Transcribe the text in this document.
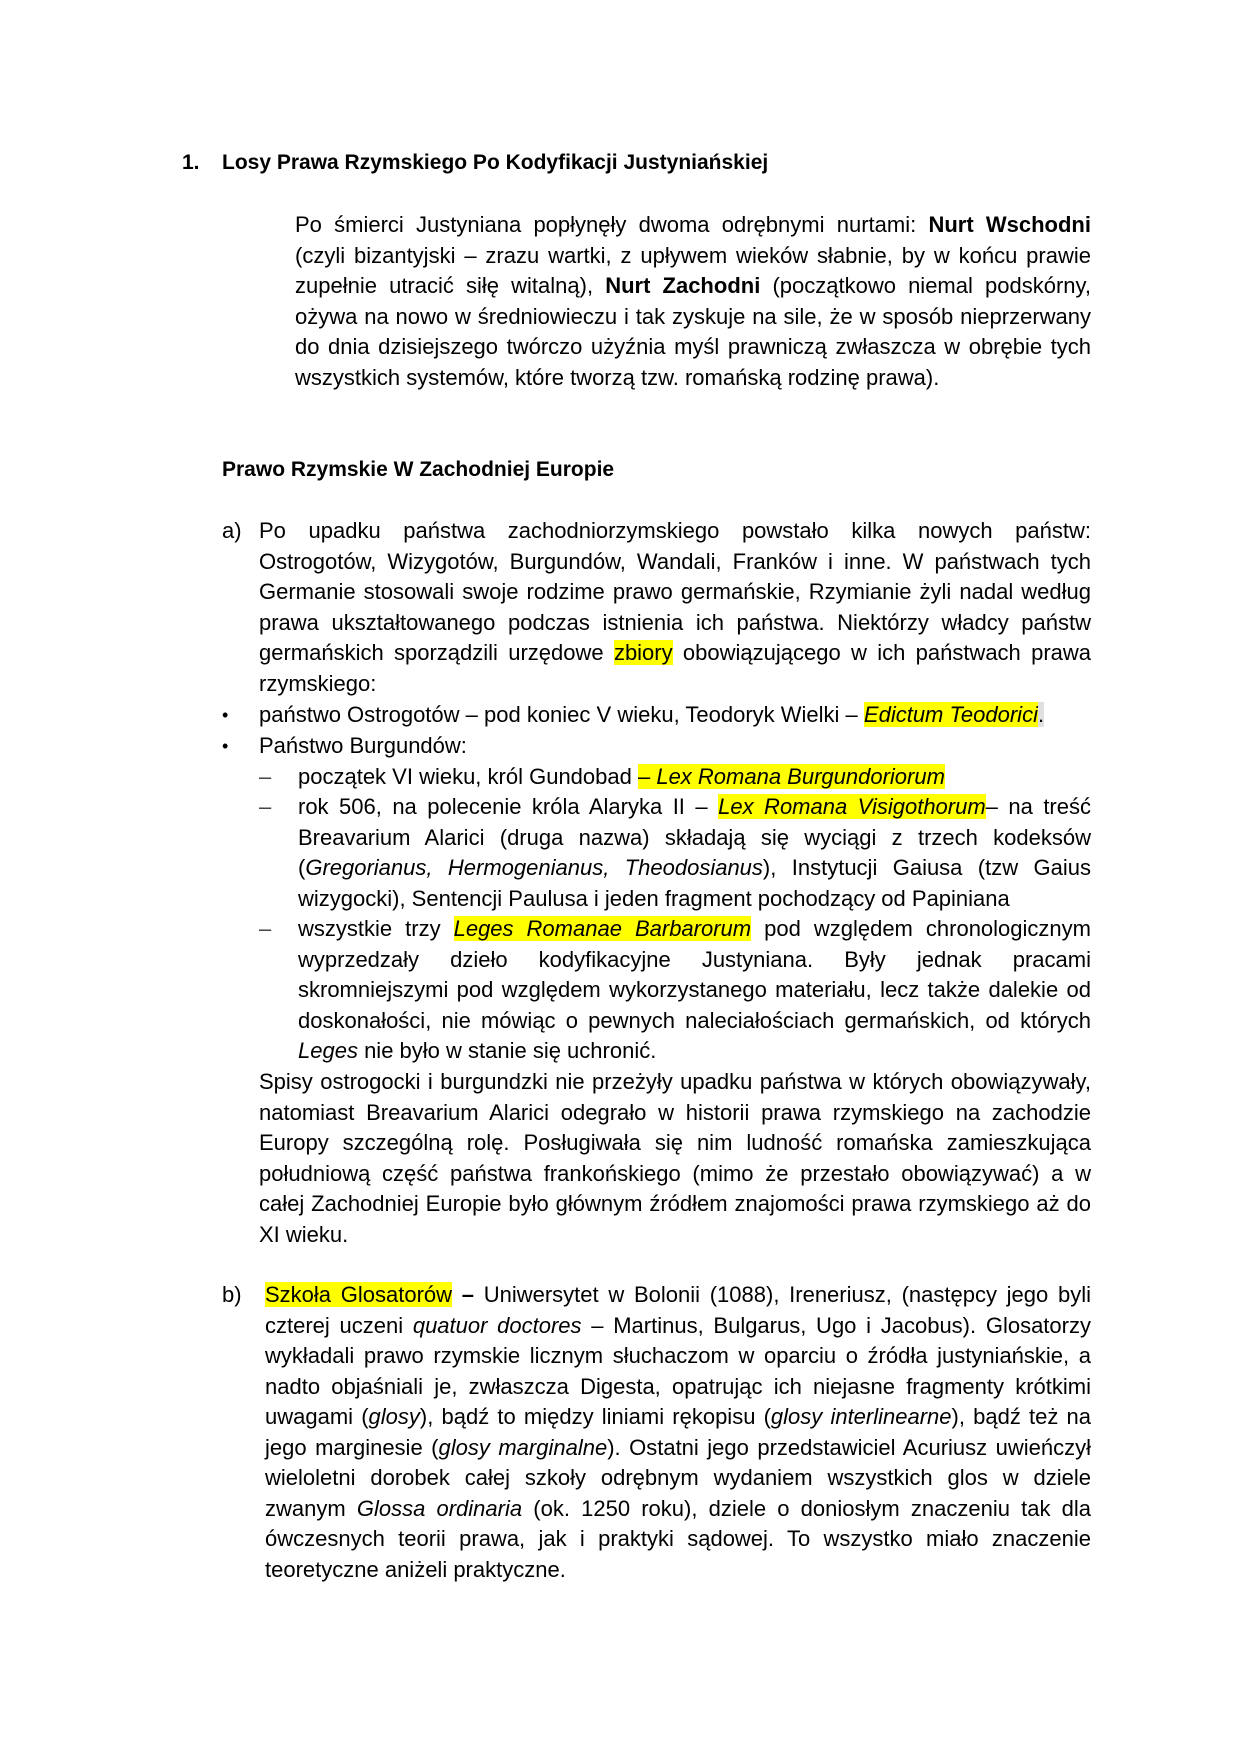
1. Losy Prawa Rzymskiego Po Kodyfikacji Justyniańskiej
Po śmierci Justyniana popłynęły dwoma odrębnymi nurtami: Nurt Wschodni (czyli bizantyjski – zrazu wartki, z upływem wieków słabnie, by w końcu prawie zupełnie utracić siłę witalną), Nurt Zachodni (początkowo niemal podskórny, ożywa na nowo w średniowieczu i tak zyskuje na sile, że w sposób nieprzerwany do dnia dzisiejszego twórczo użyźnia myśl prawniczą zwłaszcza w obrębie tych wszystkich systemów, które tworzą tzw. romańską rodzinę prawa).
Prawo Rzymskie W Zachodniej Europie
a) Po upadku państwa zachodniorzymskiego powstało kilka nowych państw: Ostrogotów, Wizygotów, Burgundów, Wandali, Franków i inne. W państwach tych Germanie stosowali swoje rodzime prawo germańskie, Rzymianie żyli nadal według prawa ukształtowanego podczas istnienia ich państwa. Niektórzy władcy państw germańskich sporządzili urzędowe zbiory obowiązującego w ich państwach prawa rzymskiego:
• państwo Ostrogotów – pod koniec V wieku, Teodoryk Wielki – Edictum Teodorici.
• Państwo Burgundów:
– początek VI wieku, król Gundobad – Lex Romana Burgundoriorum
– rok 506, na polecenie króla Alaryka II – Lex Romana Visigothorum– na treść Breavarium Alarici (druga nazwa) składają się wyciągi z trzech kodeksów (Gregorianus, Hermogenianus, Theodosianus), Instytucji Gaiusa (tzw Gaius wizygocki), Sentencji Paulusa i jeden fragment pochodzący od Papiniana
– wszystkie trzy Leges Romanae Barbarorum pod względem chronologicznym wyprzedzały dzieło kodyfikacyjne Justyniana. Były jednak pracami skromniejszymi pod względem wykorzystanego materiału, lecz także dalekie od doskonałości, nie mówiąc o pewnych naleciałościach germańskich, od których Leges nie było w stanie się uchronić.
Spisy ostrogocki i burgundzki nie przeżyły upadku państwa w których obowiązywały, natomiast Breavarium Alarici odegrało w historii prawa rzymskiego na zachodzie Europy szczególną rolę. Posługiwała się nim ludność romańska zamieszkująca południową część państwa frankońskiego (mimo że przestało obowiązywać) a w całej Zachodniej Europie było głównym źródłem znajomości prawa rzymskiego aż do XI wieku.
b) Szkoła Glosatorów – Uniwersytet w Bolonii (1088), Ireneriusz, (następcy jego byli czterej uczeni quatuor doctores – Martinus, Bulgarus, Ugo i Jacobus). Glosatorzy wykładali prawo rzymskie licznym słuchaczom w oparciu o źródła justyniańskie, a nadto objaśniali je, zwłaszcza Digesta, opatrując ich niejasne fragmenty krótkimi uwagami (glosy), bądź to między liniami rękopisu (glosy interlinearne), bądź też na jego marginesie (glosy marginalne). Ostatni jego przedstawiciel Acuriusz uwieńczył wieloletni dorobek całej szkoły odrębnym wydaniem wszystkich glos w dziele zwanym Glossa ordinaria (ok. 1250 roku), dziele o doniosłym znaczeniu tak dla ówczesnych teorii prawa, jak i praktyki sądowej. To wszystko miało znaczenie teoretyczne aniżeli praktyczne.
